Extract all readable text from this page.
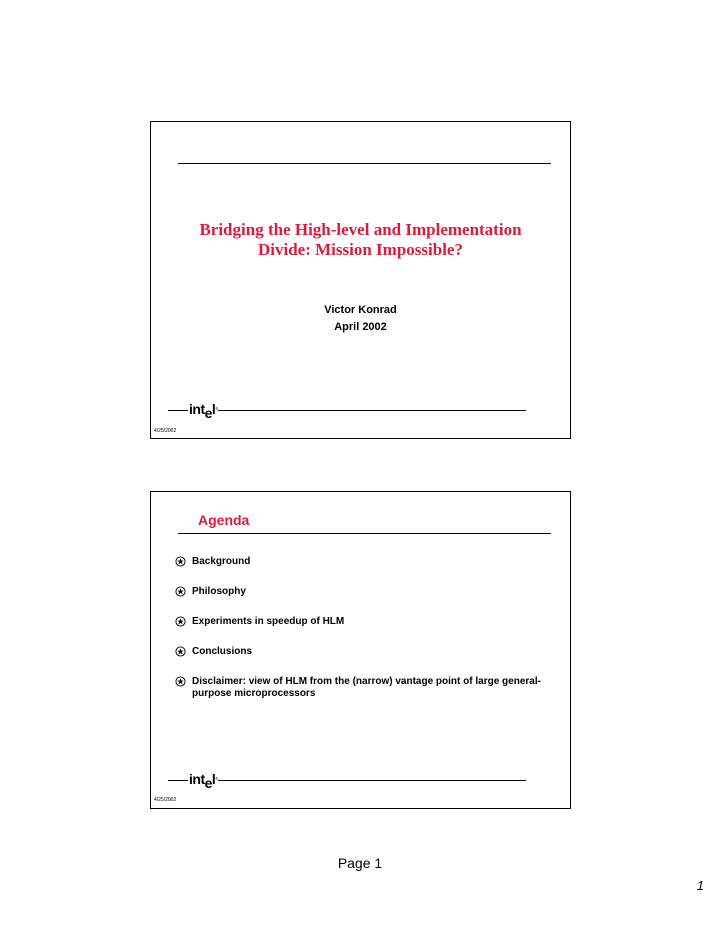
Bridging the High-level and Implementation
Divide: Mission Impossible?
Victor Konrad
April 2002
intel®
4/25/2002
Agenda
Background
Philosophy
Experiments in speedup of HLM
Conclusions
Disclaimer: view of HLM from the (narrow) vantage point of large general-purpose microprocessors
intel®
4/25/2002
Page 1
1
